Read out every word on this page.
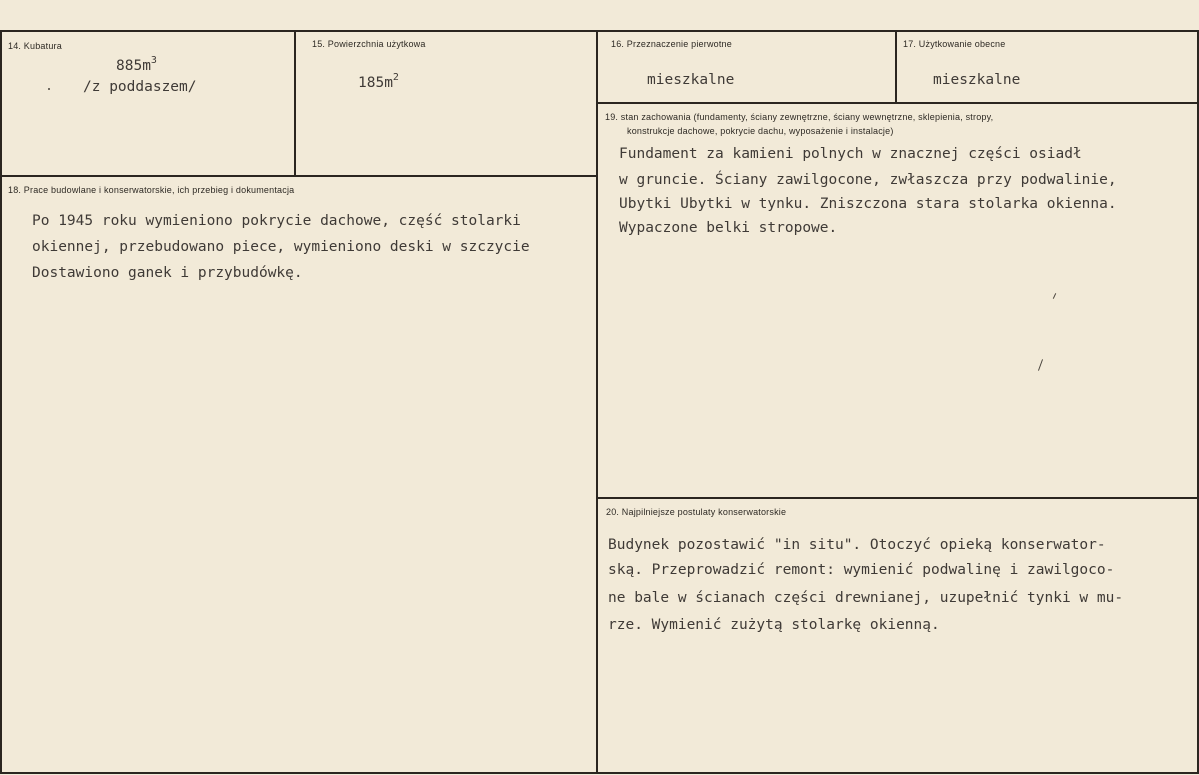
14. Kubatura
$885m^3$
/z poddaszem/
15. Powierzchnia użytkowa
$185m^2$
16. Przeznaczenie pierwotne
mieszkalne
17. Użytkowanie obecne
mieszkalne
18. Prace budowlane i konserwatorskie, ich przebieg i dokumentacja
Po 1945 roku wymieniono pokrycie dachowe, część stolarki
okiennej, przebudowano piece, wymieniono deski w szczycie
Dostawiono ganek i przybudówkę.
19. stan zachowania (fundamenty, ściany zewnętrzne, ściany wewnętrzne, sklepienia, stropy,
konstrukcje dachowe, pokrycie dachu, wyposażenie i instalacje)
Fundament za kamieni polnych w znacznej części osiadł
w gruncie. Ściany zawilgocone, zwłaszcza przy podwalinie,
Ubytki Ubytki w tynku. Zniszczona stara stolarka okienna.
Wypaczone belki stropowe.
20. Najpilniejsze postulaty konserwatorskie
Budynek pozostawić "in situ". Otoczyć opieką konserwator-
ską. Przeprowadzić remont: wymienić podwalinę i zawilgoco-
ne bale w ścianach części drewnianej, uzupełnić tynki w mu-
rze. Wymienić zużytą stolarkę okienną.
